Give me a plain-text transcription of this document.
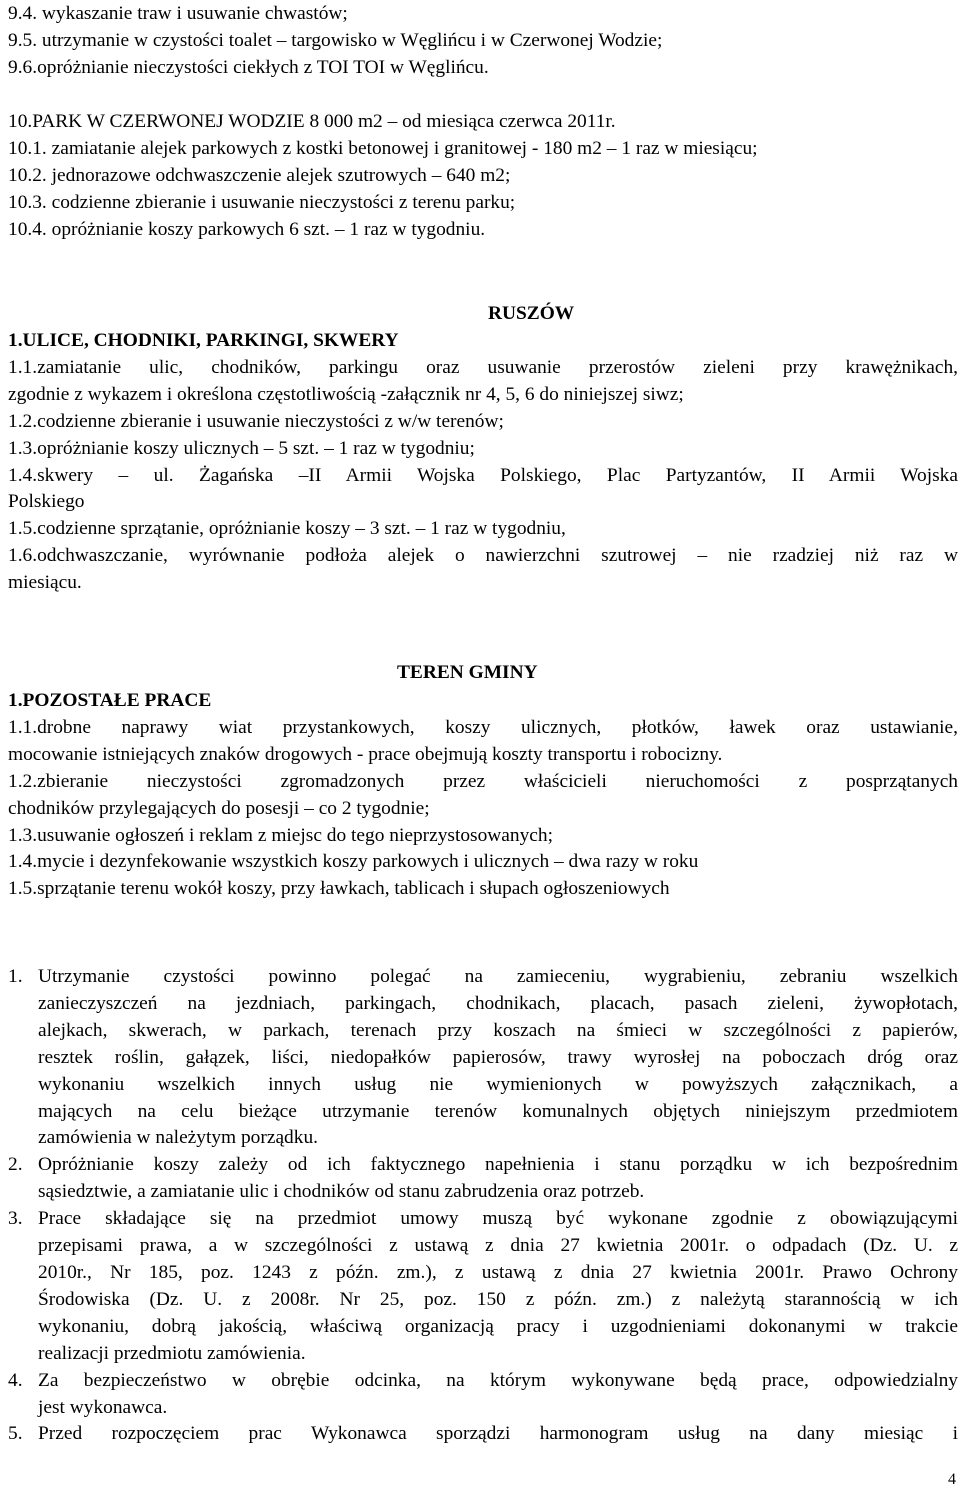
9.4. wykaszanie traw i usuwanie chwastów;
9.5. utrzymanie w czystości toalet – targowisko w Węglińcu i w Czerwonej Wodzie;
9.6.opróżnianie nieczystości ciekłych z TOI TOI w Węglińcu.
10.PARK W CZERWONEJ WODZIE 8 000 m2 – od miesiąca czerwca 2011r.
10.1. zamiatanie alejek parkowych z kostki betonowej i granitowej - 180 m2 – 1 raz w miesiącu;
10.2. jednorazowe odchwaszczenie alejek szutrowych – 640 m2;
10.3. codzienne zbieranie i usuwanie nieczystości z terenu parku;
10.4. opróżnianie koszy parkowych 6 szt. – 1 raz w tygodniu.
RUSZÓW
1.ULICE, CHODNIKI, PARKINGI, SKWERY
1.1.zamiatanie ulic, chodników, parkingu oraz usuwanie przerostów zieleni przy krawężnikach,
zgodnie z wykazem i określona częstotliwością -załącznik nr 4, 5, 6 do niniejszej siwz;
1.2.codzienne zbieranie i usuwanie nieczystości z w/w terenów;
1.3.opróżnianie koszy ulicznych – 5 szt. – 1 raz w tygodniu;
1.4.skwery – ul. Żagańska –II Armii Wojska Polskiego, Plac Partyzantów, II Armii Wojska
Polskiego
1.5.codzienne sprzątanie, opróżnianie koszy – 3 szt. – 1 raz w tygodniu,
1.6.odchwaszczanie, wyrównanie podłoża alejek o nawierzchni szutrowej – nie rzadziej niż raz w
miesiącu.
TEREN GMINY
1.POZOSTAŁE PRACE
1.1.drobne naprawy wiat przystankowych, koszy ulicznych, płotków, ławek oraz ustawianie,
mocowanie istniejących znaków drogowych - prace obejmują koszty transportu i robocizny.
1.2.zbieranie nieczystości zgromadzonych przez właścicieli nieruchomości z posprzątanych
chodników przylegających do posesji – co 2 tygodnie;
1.3.usuwanie ogłoszeń i reklam z miejsc do tego nieprzystosowanych;
1.4.mycie i dezynfekowanie wszystkich koszy parkowych i ulicznych – dwa razy w roku
1.5.sprzątanie terenu wokół koszy, przy ławkach, tablicach i słupach ogłoszeniowych
1. Utrzymanie czystości powinno polegać na zamieceniu, wygrabieniu, zebraniu wszelkich
zanieczyszczeń na jezdniach, parkingach, chodnikach, placach, pasach zieleni, żywopłotach,
alejkach, skwerach, w parkach, terenach przy koszach na śmieci w szczególności z papierów,
resztek roślin, gałązek, liści, niedopałków papierosów, trawy wyrosłej na poboczach dróg oraz
wykonaniu wszelkich innych usług nie wymienionych w powyższych załącznikach, a
mających na celu bieżące utrzymanie terenów komunalnych objętych niniejszym przedmiotem
zamówienia w należytym porządku.
2. Opróżnianie koszy zależy od ich faktycznego napełnienia i stanu porządku w ich bezpośrednim
sąsiedztwie, a zamiatanie ulic i chodników od stanu zabrudzenia oraz potrzeb.
3. Prace składające się na przedmiot umowy muszą być wykonane zgodnie z obowiązującymi
przepisami prawa, a w szczególności z ustawą z dnia 27 kwietnia 2001r. o odpadach (Dz. U. z
2010r., Nr 185, poz. 1243 z późn. zm.), z ustawą z dnia 27 kwietnia 2001r. Prawo Ochrony
Środowiska (Dz. U. z 2008r. Nr 25, poz. 150 z późn. zm.) z należytą starannością w ich
wykonaniu, dobrą jakością, właściwą organizacją pracy i uzgodnieniami dokonanymi w trakcie
realizacji przedmiotu zamówienia.
4. Za bezpieczeństwo w obrębie odcinka, na którym wykonywane będą prace, odpowiedzialny
jest wykonawca.
5. Przed rozpoczęciem prac Wykonawca sporządzi harmonogram usług na dany miesiąc i
4
